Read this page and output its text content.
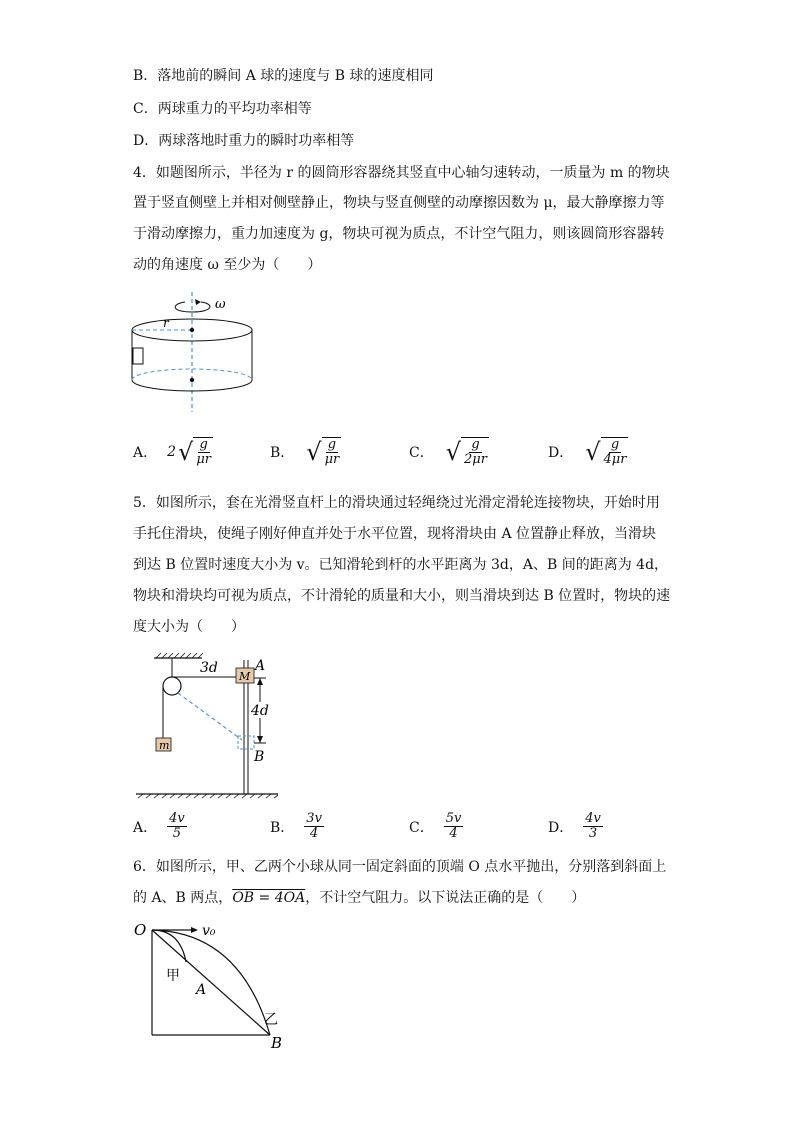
B．落地前的瞬间 A 球的速度与 B 球的速度相同
C．两球重力的平均功率相等
D．两球落地时重力的瞬时功率相等
4．如题图所示，半径为 r 的圆筒形容器绕其竖直中心轴匀速转动，一质量为 m 的物块
置于竖直侧壁上并相对侧壁静止，物块与竖直侧壁的动摩擦因数为 μ，最大静摩擦力等
于滑动摩擦力，重力加速度为 g，物块可视为质点，不计空气阻力，则该圆筒形容器转
动的角速度 ω 至少为（　　）
ω
r
A． 2 √ $\frac{g}{\mu r}$	B． √ $\frac{g}{\mu r}$	C． √ $\frac{g}{2\mu r}$	D． √ $\frac{g}{4\mu r}$
5．如图所示，套在光滑竖直杆上的滑块通过轻绳绕过光滑定滑轮连接物块，开始时用
手托住滑块，使绳子刚好伸直并处于水平位置，现将滑块由 A 位置静止释放，当滑块
到达 B 位置时速度大小为 v。已知滑轮到杆的水平距离为 3d，A、B 间的距离为 4d，
物块和滑块均可视为质点，不计滑轮的质量和大小，则当滑块到达 B 位置时，物块的速
度大小为（　　）
3d
m
M
A
B
4d
A． $\frac{4v}{5}$	B． $\frac{3v}{4}$	C． $\frac{5v}{4}$	D． $\frac{4v}{3}$
6．如图所示，甲、乙两个小球从同一固定斜面的顶端 O 点水平抛出，分别落到斜面上
的 A、B 两点，OB = 4OA，不计空气阻力。以下说法正确的是（　　）
O	v₀
甲
A
乙
B
